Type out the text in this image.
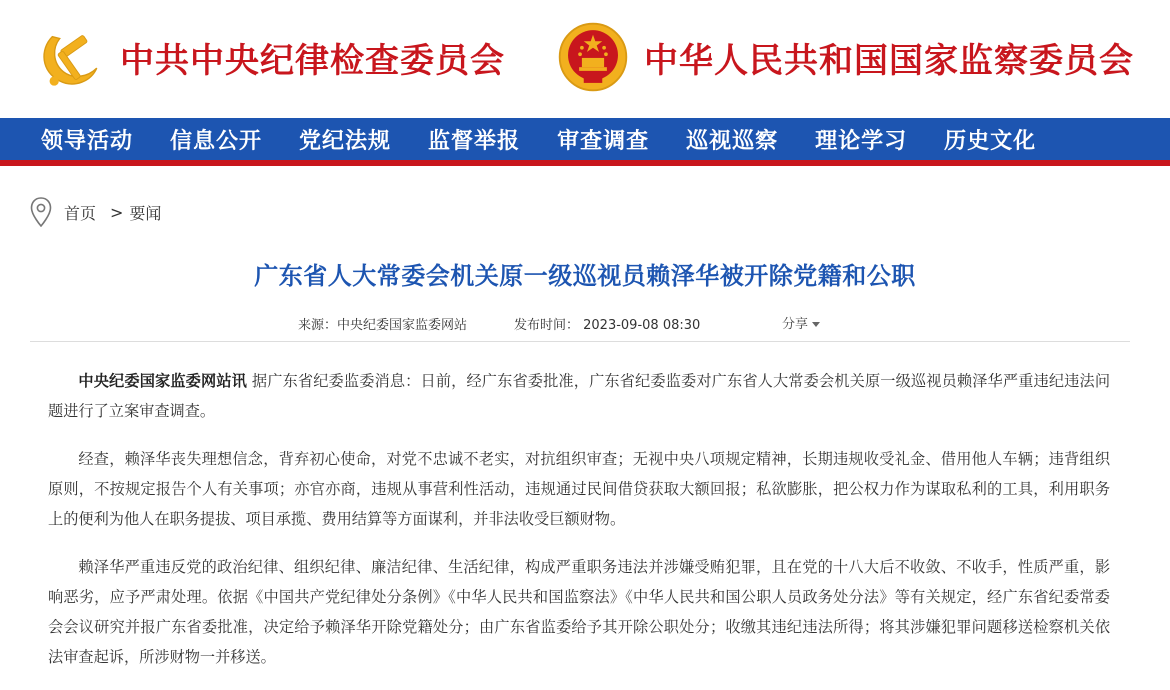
中共中央纪律检查委员会	中华人民共和国国家监察委员会
领导活动 信息公开 党纪法规 监督举报 审查调查 巡视巡察 理论学习 历史文化
首页 > 要闻
广东省人大常委会机关原一级巡视员赖泽华被开除党籍和公职
来源：中央纪委国家监委网站	发布时间： 2023-09-08 08:30	分享

中央纪委国家监委网站讯 据广东省纪委监委消息：日前，经广东省委批准，广东省纪委监委对广东省人大常委会机关原一级巡视员赖泽华严重违纪违法问题进行了立案审查调查。

经查，赖泽华丧失理想信念，背弃初心使命，对党不忠诚不老实，对抗组织审查；无视中央八项规定精神，长期违规收受礼金、借用他人车辆；违背组织原则，不按规定报告个人有关事项；亦官亦商，违规从事营利性活动，违规通过民间借贷获取大额回报；私欲膨胀，把公权力作为谋取私利的工具，利用职务上的便利为他人在职务提拔、项目承揽、费用结算等方面谋利，并非法收受巨额财物。

赖泽华严重违反党的政治纪律、组织纪律、廉洁纪律、生活纪律，构成严重职务违法并涉嫌受贿犯罪，且在党的十八大后不收敛、不收手，性质严重，影响恶劣，应予严肃处理。依据《中国共产党纪律处分条例》《中华人民共和国监察法》《中华人民共和国公职人员政务处分法》等有关规定，经广东省纪委常委会会议研究并报广东省委批准，决定给予赖泽华开除党籍处分；由广东省监委给予其开除公职处分；收缴其违纪违法所得；将其涉嫌犯罪问题移送检察机关依法审查起诉，所涉财物一并移送。
